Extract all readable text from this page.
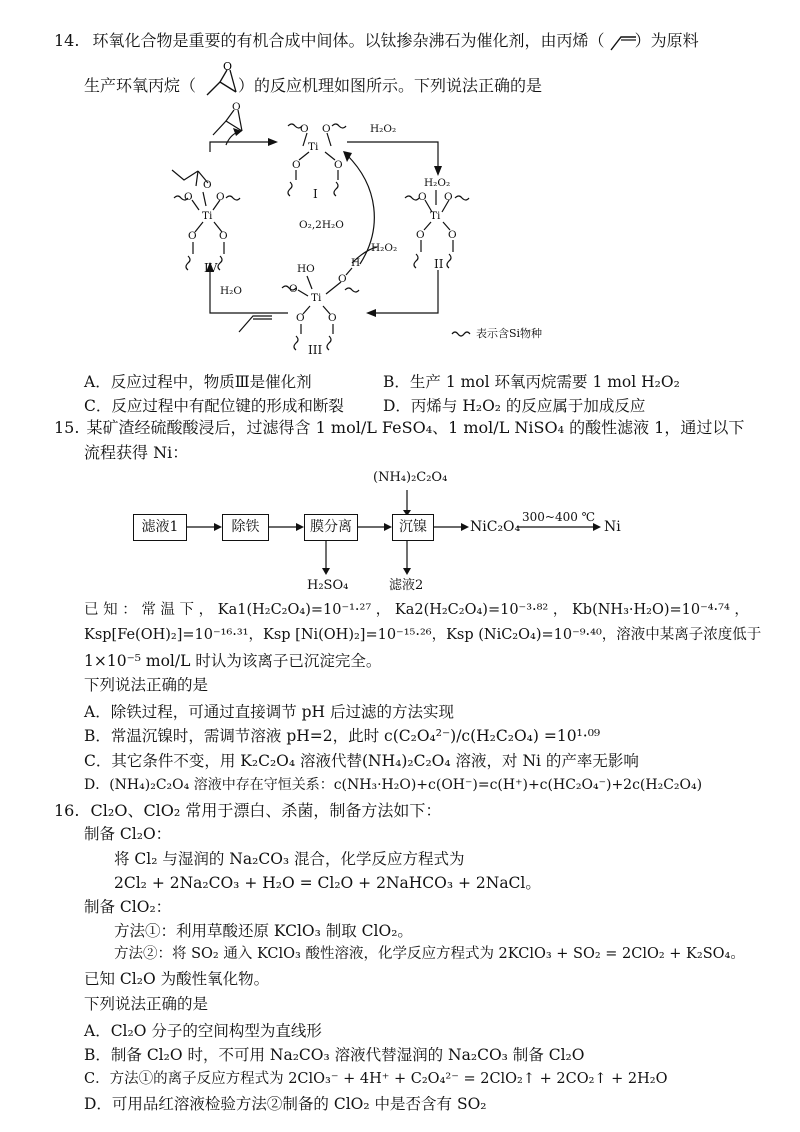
14. 环氧化合物是重要的有机合成中间体。以钛掺杂沸石为催化剂，由丙烯（ ）为原料
O
生产环氧丙烷（	）的反应机理如图所示。下列说法正确的是
O O
Ti
O	O
I
H₂O₂
O O
Ti
O O
II
HO	H
O
O
Ti
O O
III
O
O O
Ti
O O
IV
O
H₂O₂
O₂,2H₂O
H₂O₂
H₂O
表示含Si物种
A．反应过程中，物质Ⅲ是催化剂	B．生产 1 mol 环氧丙烷需要 1 mol H₂O₂
C．反应过程中有配位键的形成和断裂	D．丙烯与 H₂O₂ 的反应属于加成反应
15. 某矿渣经硫酸酸浸后，过滤得含 1 mol/L FeSO₄、1 mol/L NiSO₄ 的酸性滤液 1，通过以下
流程获得 Ni：
(NH₄)₂C₂O₄
滤液1	除铁	膜分离	沉镍	NiC₂O₄
300~400 ℃
Ni
H₂SO₄	滤液2
已 知 ： 常 温 下 ， Ka1(H₂C₂O₄)=10⁻¹·²⁷ ， Ka2(H₂C₂O₄)=10⁻³·⁸² ， Kb(NH₃·H₂O)=10⁻⁴·⁷⁴ ，
Ksp[Fe(OH)₂]=10⁻¹⁶·³¹，Ksp [Ni(OH)₂]=10⁻¹⁵·²⁶，Ksp (NiC₂O₄)=10⁻⁹·⁴⁰，溶液中某离子浓度低于
1×10⁻⁵ mol/L 时认为该离子已沉淀完全。
下列说法正确的是
A．除铁过程，可通过直接调节 pH 后过滤的方法实现
B．常温沉镍时，需调节溶液 pH=2，此时 c(C₂O₄²⁻)/c(H₂C₂O₄) =10¹·⁰⁹
C．其它条件不变，用 K₂C₂O₄ 溶液代替(NH₄)₂C₂O₄ 溶液，对 Ni 的产率无影响
D．(NH₄)₂C₂O₄ 溶液中存在守恒关系：c(NH₃·H₂O)+c(OH⁻)=c(H⁺)+c(HC₂O₄⁻)+2c(H₂C₂O₄)
16. Cl₂O、ClO₂ 常用于漂白、杀菌，制备方法如下：
制备 Cl₂O：
将 Cl₂ 与湿润的 Na₂CO₃ 混合，化学反应方程式为
2Cl₂ + 2Na₂CO₃ + H₂O = Cl₂O + 2NaHCO₃ + 2NaCl。
制备 ClO₂：
方法①：利用草酸还原 KClO₃ 制取 ClO₂。
方法②：将 SO₂ 通入 KClO₃ 酸性溶液，化学反应方程式为 2KClO₃ + SO₂ = 2ClO₂ + K₂SO₄。
已知 Cl₂O 为酸性氧化物。
下列说法正确的是
A．Cl₂O 分子的空间构型为直线形
B．制备 Cl₂O 时，不可用 Na₂CO₃ 溶液代替湿润的 Na₂CO₃ 制备 Cl₂O
C．方法①的离子反应方程式为 2ClO₃⁻ + 4H⁺ + C₂O₄²⁻ = 2ClO₂↑ + 2CO₂↑ + 2H₂O
D．可用品红溶液检验方法②制备的 ClO₂ 中是否含有 SO₂
